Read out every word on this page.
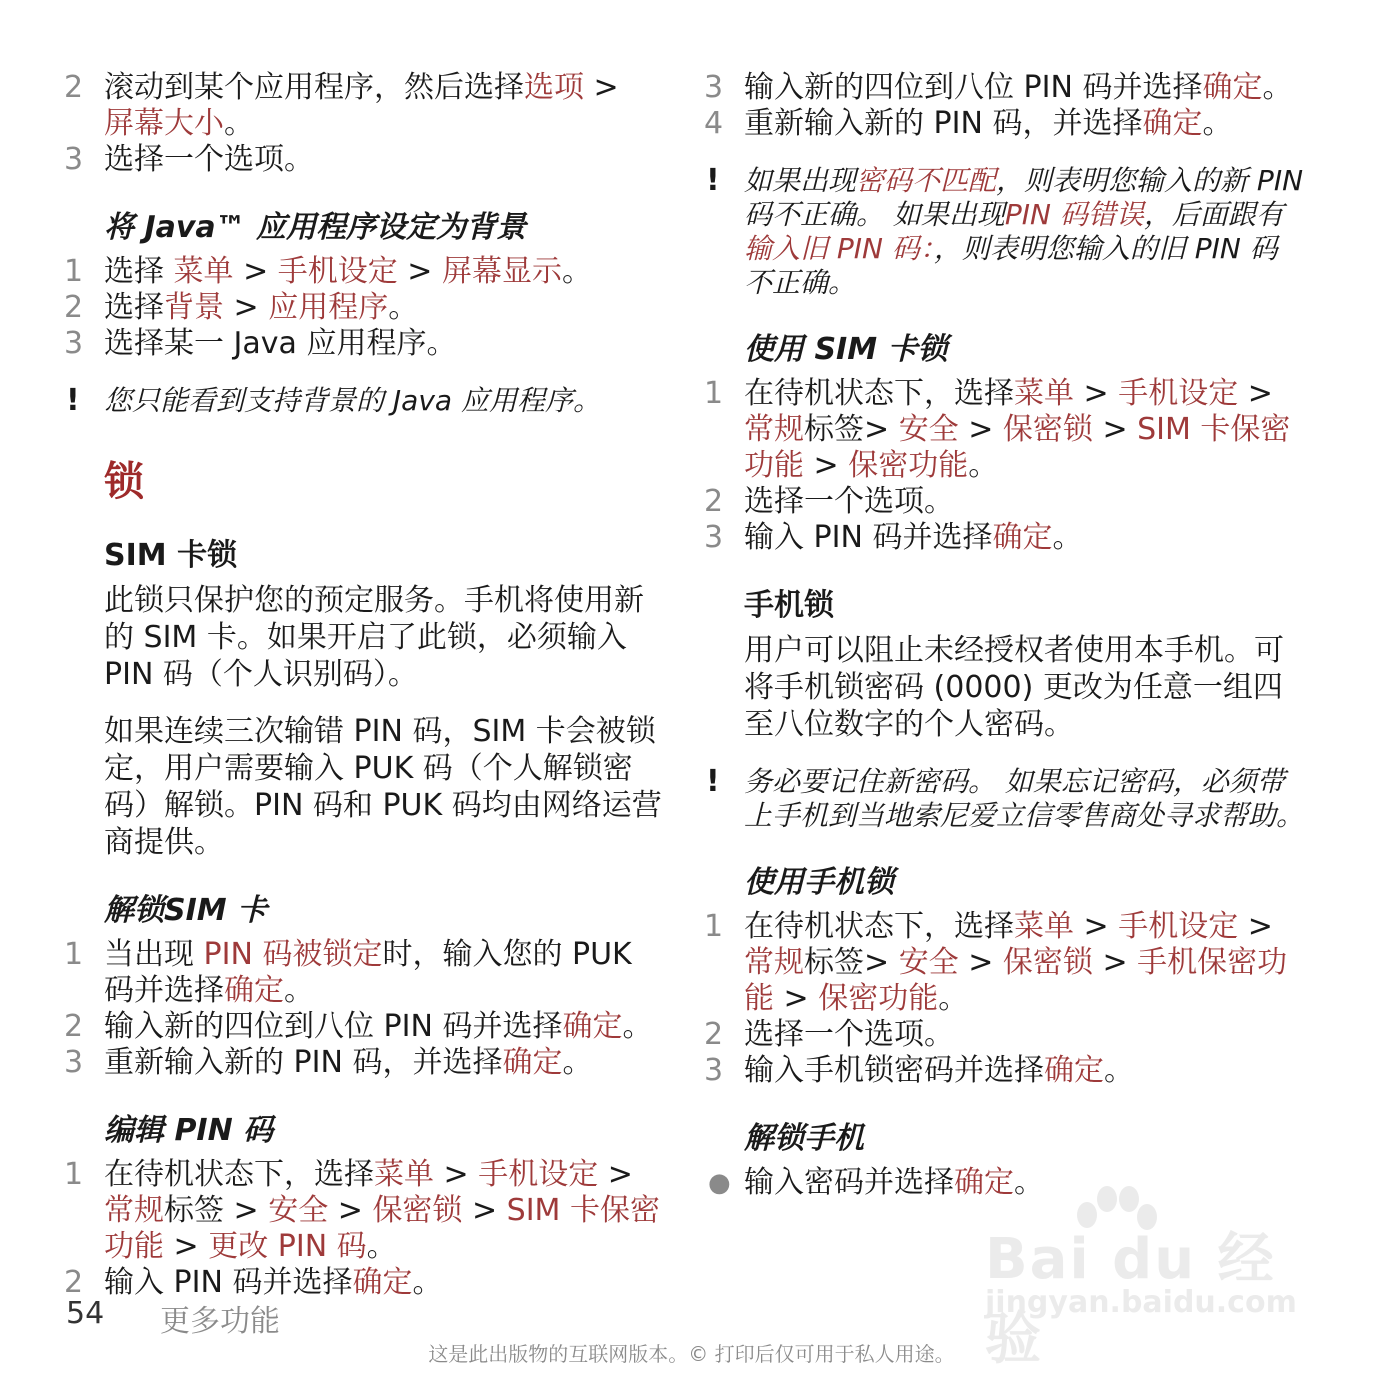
2 滚动到某个应用程序，然后选择选项 >
屏幕大小。

3 选择一个选项。

将 Java™ 应用程序设定为背景

1 选择 菜单 > 手机设定 > 屏幕显示。

2 选择背景 > 应用程序。

3 选择某一 Java 应用程序。

! 您只能看到支持背景的 Java 应用程序。

锁
SIM 卡锁

此锁只保护您的预定服务。手机将使用新的 SIM 卡。如果开启了此锁，必须输入 PIN 码（个人识别码）。

如果连续三次输错 PIN 码，SIM 卡会被锁定，用户需要输入 PUK 码（个人解锁密码）解锁。PIN 码和 PUK 码均由网络运营商提供。

解锁SIM 卡

1 当出现 PIN 码被锁定时，输入您的 PUK 码并选择确定。

2 输入新的四位到八位 PIN 码并选择确定。

3 重新输入新的 PIN 码，并选择确定。

编辑 PIN 码

1 在待机状态下，选择菜单 > 手机设定 > 常规标签 > 安全 > 保密锁 > SIM 卡保密功能 > 更改 PIN 码。

2 输入 PIN 码并选择确定。

3 输入新的四位到八位 PIN 码并选择确定。

4 重新输入新的 PIN 码，并选择确定。

! 如果出现密码不匹配，则表明您输入的新 PIN 码不正确。 如果出现PIN 码错误，后面跟有输入旧 PIN 码：，则表明您输入的旧 PIN 码不正确。

使用 SIM 卡锁

1 在待机状态下，选择菜单 > 手机设定 > 常规标签> 安全 > 保密锁 > SIM 卡保密功能 > 保密功能。

2 选择一个选项。

3 输入 PIN 码并选择确定。

手机锁

用户可以阻止未经授权者使用本手机。可将手机锁密码 (0000) 更改为任意一组四至八位数字的个人密码。

! 务必要记住新密码。 如果忘记密码，必须带上手机到当地索尼爱立信零售商处寻求帮助。

使用手机锁

1 在待机状态下，选择菜单 > 手机设定 > 常规标签> 安全 > 保密锁 > 手机保密功能 > 保密功能。

2 选择一个选项。

3 输入手机锁密码并选择确定。

解锁手机

● 输入密码并选择确定。

Bai du 经验
jingyan.baidu.com
54 更多功能
这是此出版物的互联网版本。© 打印后仅可用于私人用途。
